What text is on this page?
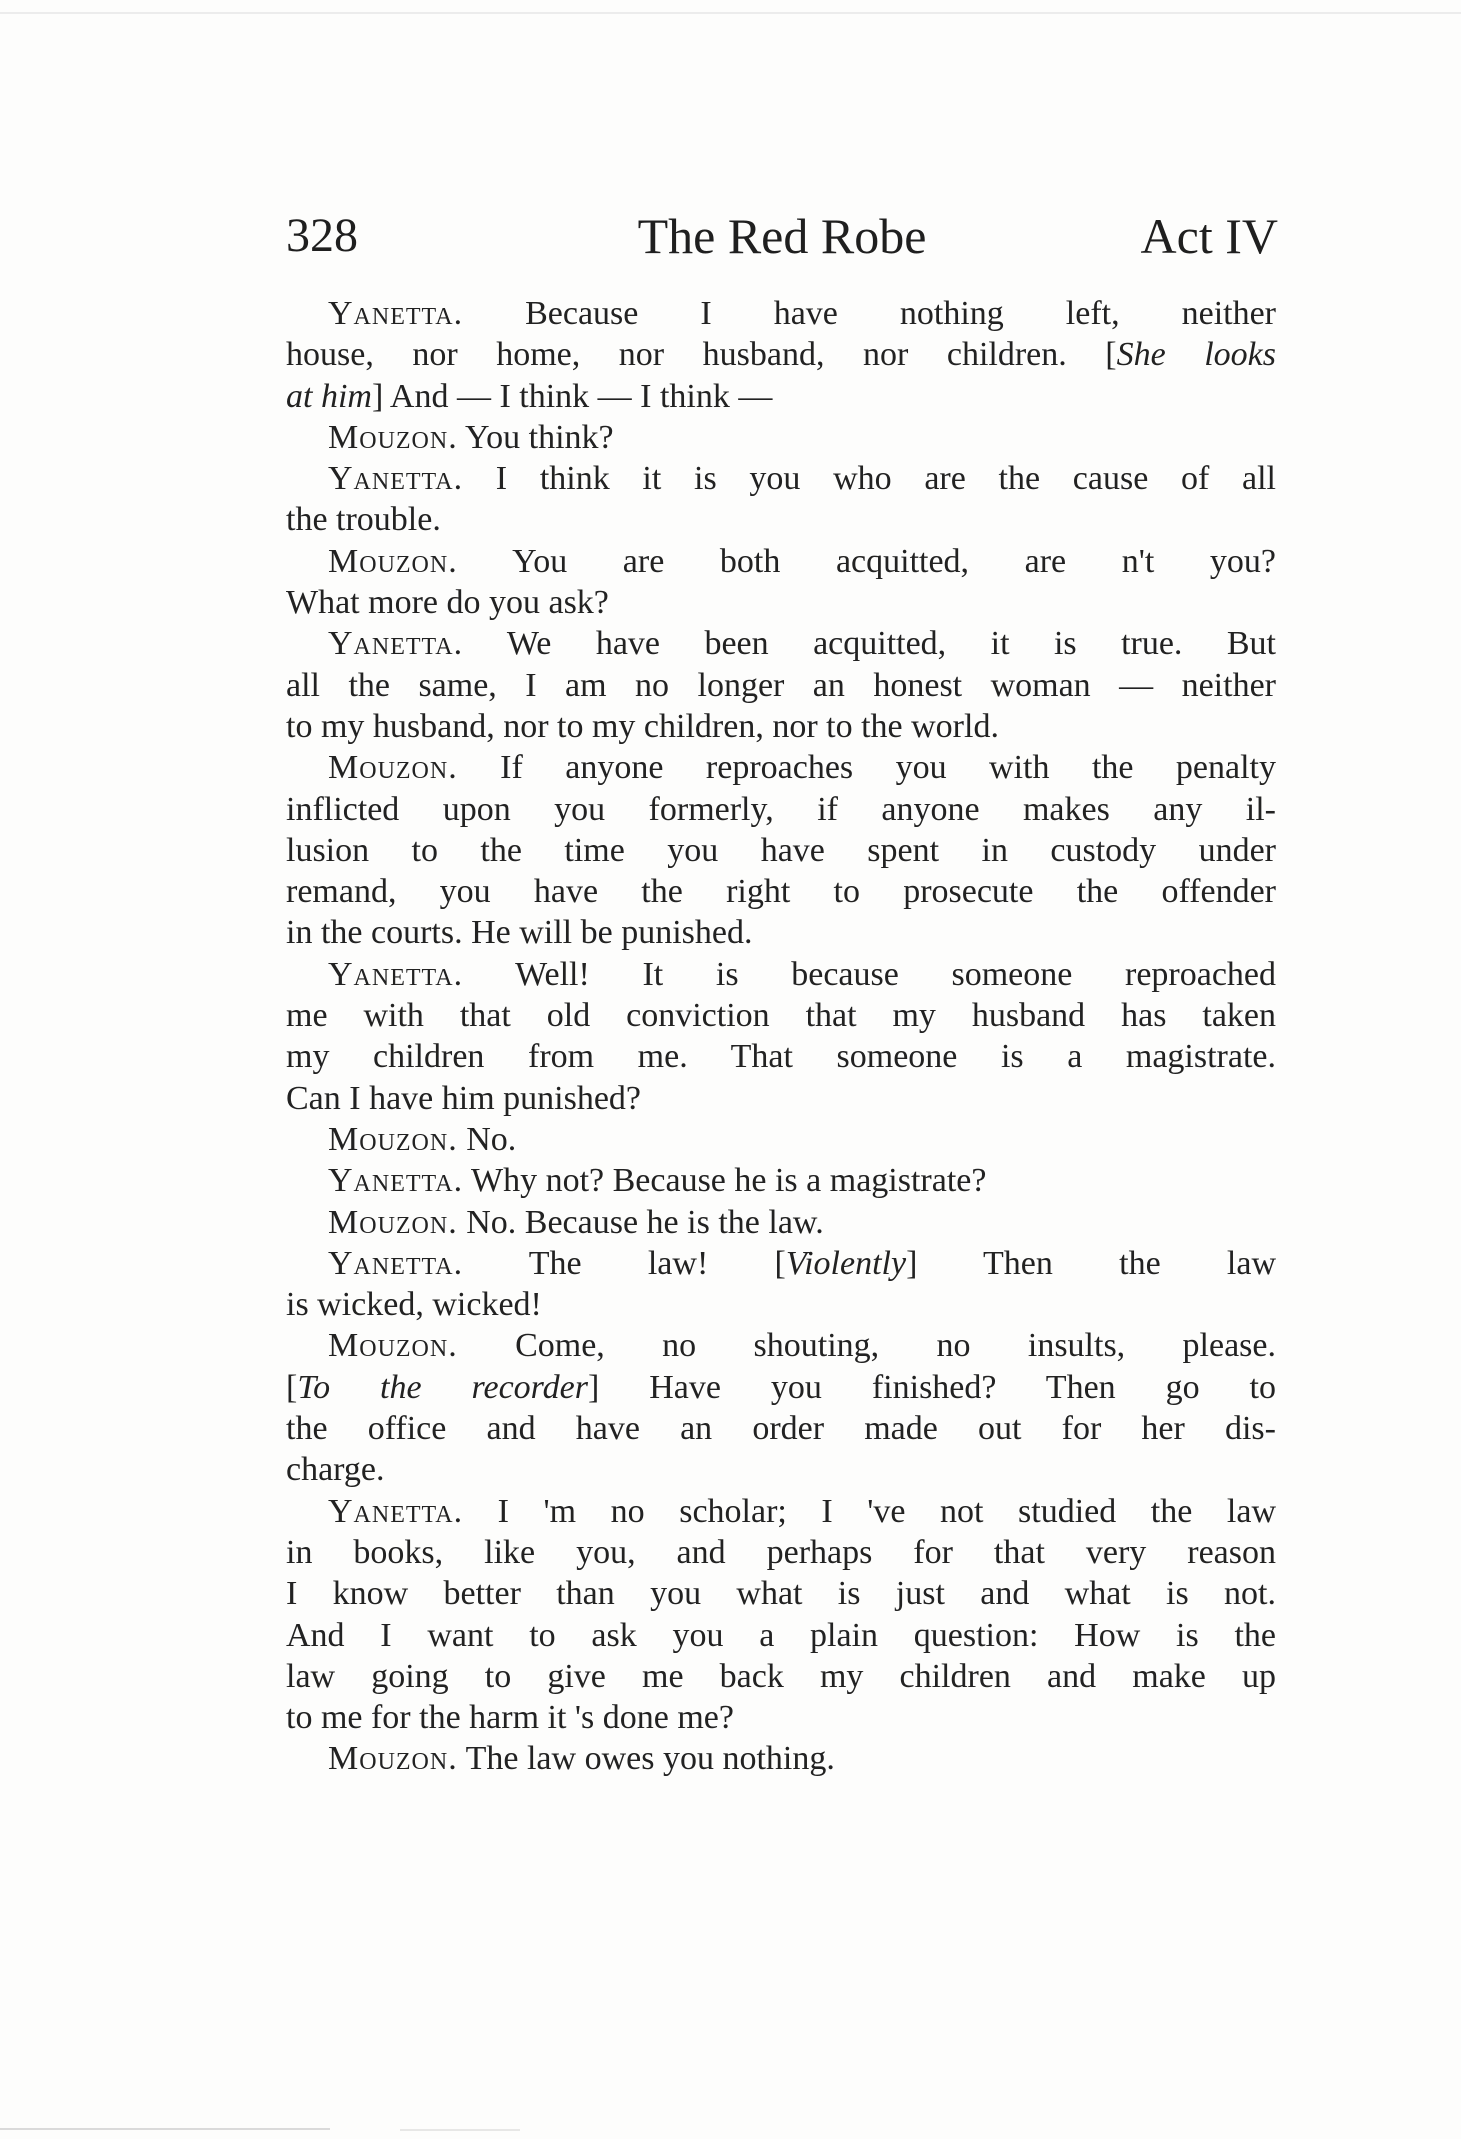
328	The Red Robe	Act IV
Yanetta. Because I have nothing left, neither
house, nor home, nor husband, nor children. [She looks
at him] And — I think — I think —
Mouzon. You think?
Yanetta. I think it is you who are the cause of all
the trouble.
Mouzon. You are both acquitted, are n't you?
What more do you ask?
Yanetta. We have been acquitted, it is true. But
all the same, I am no longer an honest woman — neither
to my husband, nor to my children, nor to the world.
Mouzon. If anyone reproaches you with the penalty
inflicted upon you formerly, if anyone makes any il-
lusion to the time you have spent in custody under
remand, you have the right to prosecute the offender
in the courts. He will be punished.
Yanetta. Well! It is because someone reproached
me with that old conviction that my husband has taken
my children from me. That someone is a magistrate.
Can I have him punished?
Mouzon. No.
Yanetta. Why not? Because he is a magistrate?
Mouzon. No. Because he is the law.
Yanetta. The law! [Violently] Then the law
is wicked, wicked!
Mouzon. Come, no shouting, no insults, please.
[To the recorder] Have you finished? Then go to
the office and have an order made out for her dis-
charge.
Yanetta. I 'm no scholar; I 've not studied the law
in books, like you, and perhaps for that very reason
I know better than you what is just and what is not.
And I want to ask you a plain question: How is the
law going to give me back my children and make up
to me for the harm it 's done me?
Mouzon. The law owes you nothing.
